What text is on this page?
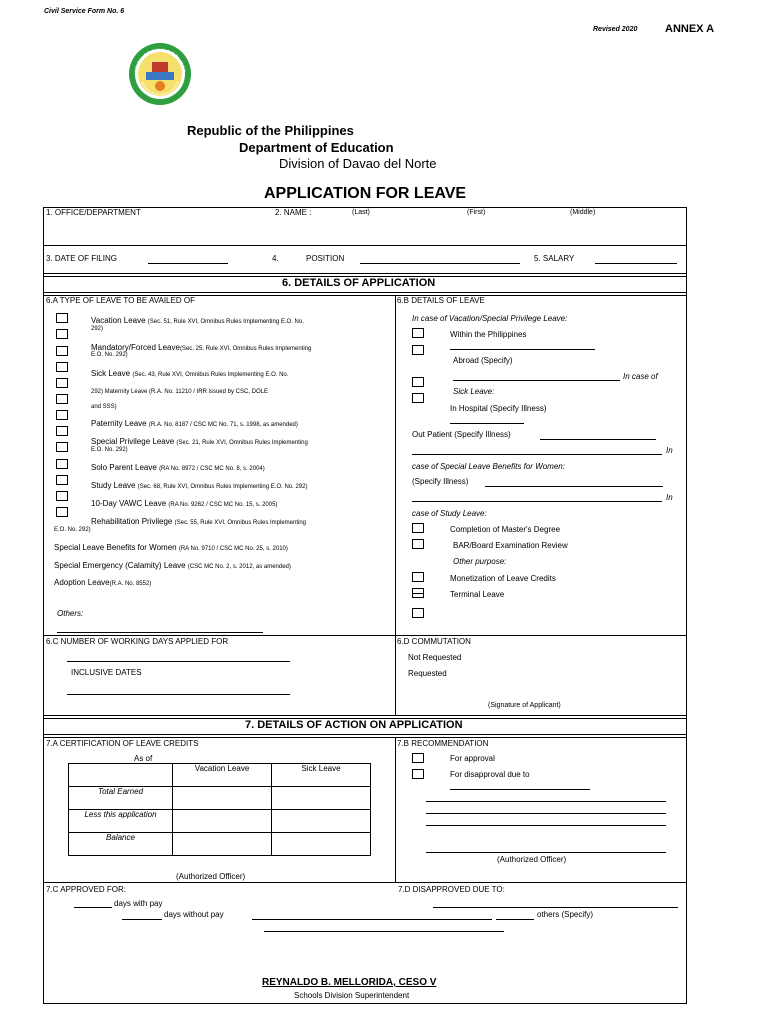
Civil Service Form No. 6
Revised 2020	ANNEX A
VISION OF DAVAO DEL NOR
DEPARTMENT OF EDUCATION
Republic of the Philippines
Department of Education
Division of Davao del Norte
APPLICATION FOR LEAVE
1. OFFICE/DEPARTMENT	2. NAME :	(Last)	(First)	(Middle)
3. DATE OF FILING	4.	POSITION	5. SALARY
6. DETAILS OF APPLICATION
6.A TYPE OF LEAVE TO BE AVAILED OF
Vacation Leave (Sec. 51, Rule XVI, Omnibus Rules Implementing E.O. No.
292)
Mandatory/Forced Leave(Sec. 25, Rule XVI, Omnibus Rules Implementing
E.O. No. 292)
Sick Leave (Sec. 43, Rule XVI, Omnibus Rules Implementing E.O. No.
292) Maternity Leave (R.A. No. 11210 / IRR issued by CSC, DOLE
and SSS)
Paternity Leave (R.A. No. 8187 / CSC MC No. 71, s. 1998, as amended)
Special Privilege Leave (Sec. 21, Rule XVI, Omnibus Rules Implementing
E.O. No. 292)
Solo Parent Leave (RA No. 8972 / CSC MC No. 8, s. 2004)
Study Leave (Sec. 68, Rule XVI, Omnibus Rules Implementing E.O. No. 292)
10-Day VAWC Leave (RA No. 9262 / CSC MC No. 15, s. 2005)
Rehabilitation Privilege (Sec. 55, Rule XVI, Omnibus Rules Implementing
E.O. No. 292)
Special Leave Benefits for Women (RA No. 9710 / CSC MC No. 25, s. 2010)
Special Emergency (Calamity) Leave (CSC MC No. 2, s. 2012, as amended)
Adoption Leave(R.A. No. 8552)
Others:
6.B DETAILS OF LEAVE
In case of Vacation/Special Privilege Leave:
Within the Philippines
Abroad (Specify)
In case of
Sick Leave:
In Hospital (Specify Illness)
Out Patient (Specify Illness)
In
case of Special Leave Benefits for Women:
(Specify Illness)
In
case of Study Leave:
Completion of Master's Degree
BAR/Board Examination Review
Other purpose:
Monetization of Leave Credits
Terminal Leave
6.C NUMBER OF WORKING DAYS APPLIED FOR
INCLUSIVE DATES
6.D COMMUTATION
Not Requested
Requested
(Signature of Applicant)
7. DETAILS OF ACTION ON APPLICATION
7.A CERTIFICATION OF LEAVE CREDITS
As of
	Vacation Leave	Sick Leave
Total Earned		
Less this application		
Balance		
(Authorized Officer)
7.B RECOMMENDATION
For approval
For disapproval due to
(Authorized Officer)
7.C APPROVED FOR:
days with pay
days without pay
7.D DISAPPROVED DUE TO:
others (Specify)
REYNALDO B. MELLORIDA, CESO V
Schools Division Superintendent
